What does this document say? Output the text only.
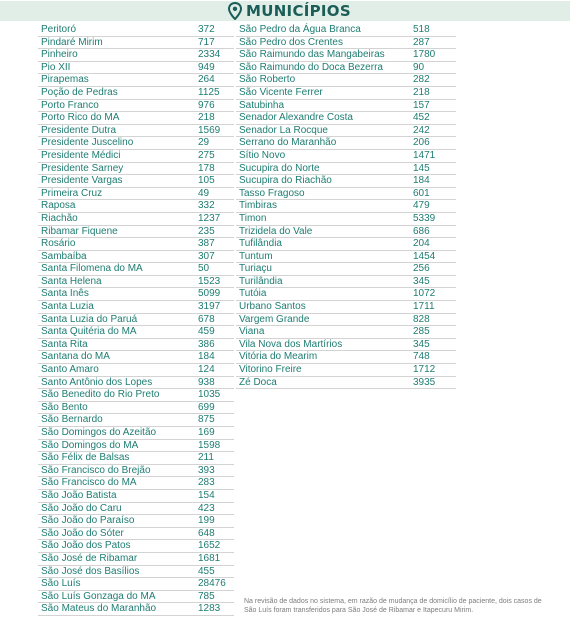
MUNICÍPIOS
Peritoró	372
Pindaré Mirim	717
Pinheiro	2334
Pio XII	949
Pirapemas	264
Poção de Pedras	1125
Porto Franco	976
Porto Rico do MA	218
Presidente Dutra	1569
Presidente Juscelino	29
Presidente Médici	275
Presidente Sarney	178
Presidente Vargas	105
Primeira Cruz	49
Raposa	332
Riachão	1237
Ribamar Fiquene	235
Rosário	387
Sambaíba	307
Santa Filomena do MA	50
Santa Helena	1523
Santa Inês	5099
Santa Luzia	3197
Santa Luzia do Paruá	678
Santa Quitéria do MA	459
Santa Rita	386
Santana do MA	184
Santo Amaro	124
Santo Antônio dos Lopes	938
São Benedito do Rio Preto	1035
São Bento	699
São Bernardo	875
São Domingos do Azeitão	169
São Domingos do MA	1598
São Félix de Balsas	211
São Francisco do Brejão	393
São Francisco do MA	283
São João Batista	154
São João do Caru	423
São João do Paraíso	199
São João do Sóter	648
São João dos Patos	1652
São José de Ribamar	1681
São José dos Basílios	455
São Luís	28476
São Luís Gonzaga do MA	785
São Mateus do Maranhão	1283
São Pedro da Água Branca	518
São Pedro dos Crentes	287
São Raimundo das Mangabeiras	1780
São Raimundo do Doca Bezerra	90
São Roberto	282
São Vicente Ferrer	218
Satubinha	157
Senador Alexandre Costa	452
Senador La Rocque	242
Serrano do Maranhão	206
Sítio Novo	1471
Sucupira do Norte	145
Sucupira do Riachão	184
Tasso Fragoso	601
Timbiras	479
Timon	5339
Trizidela do Vale	686
Tufilândia	204
Tuntum	1454
Turiaçu	256
Turilândia	345
Tutóia	1072
Urbano Santos	1711
Vargem Grande	828
Viana	285
Vila Nova dos Martírios	345
Vitória do Mearim	748
Vitorino Freire	1712
Zé Doca	3935
Na revisão de dados no sistema, em razão de mudança de domicílio de paciente, dois casos de São Luís foram transferidos para São José de Ribamar e Itapecuru Mirim.
